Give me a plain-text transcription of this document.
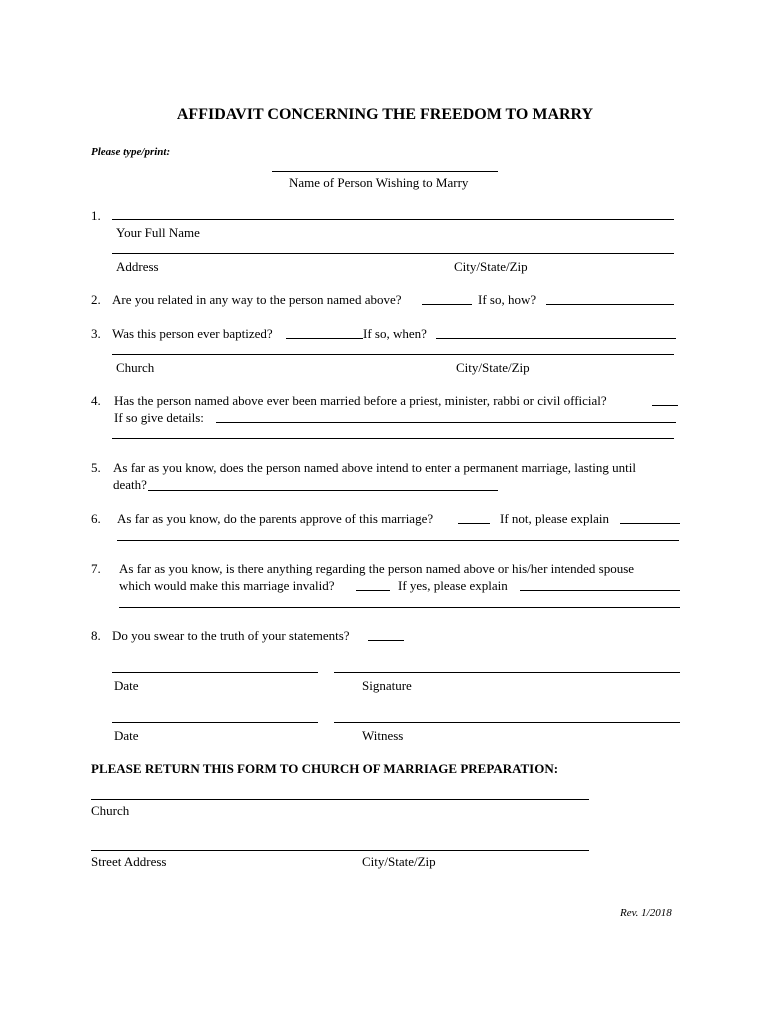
AFFIDAVIT CONCERNING THE FREEDOM TO MARRY
Please type/print:
Name of Person Wishing to Marry
1.
Your Full Name
Address	City/State/Zip
2. Are you related in any way to the person named above?	If so, how?
3. Was this person ever baptized?	If so, when?
Church	City/State/Zip
4. Has the person named above ever been married before a priest, minister, rabbi or civil official?
If so give details:
5. As far as you know, does the person named above intend to enter a permanent marriage, lasting until
death?
6. As far as you know, do the parents approve of this marriage?	If not, please explain
7. As far as you know, is there anything regarding the person named above or his/her intended spouse
which would make this marriage invalid?	If yes, please explain
8. Do you swear to the truth of your statements?
Date	Signature
Date	Witness
PLEASE RETURN THIS FORM TO CHURCH OF MARRIAGE PREPARATION:
Church
Street Address	City/State/Zip
Rev. 1/2018
